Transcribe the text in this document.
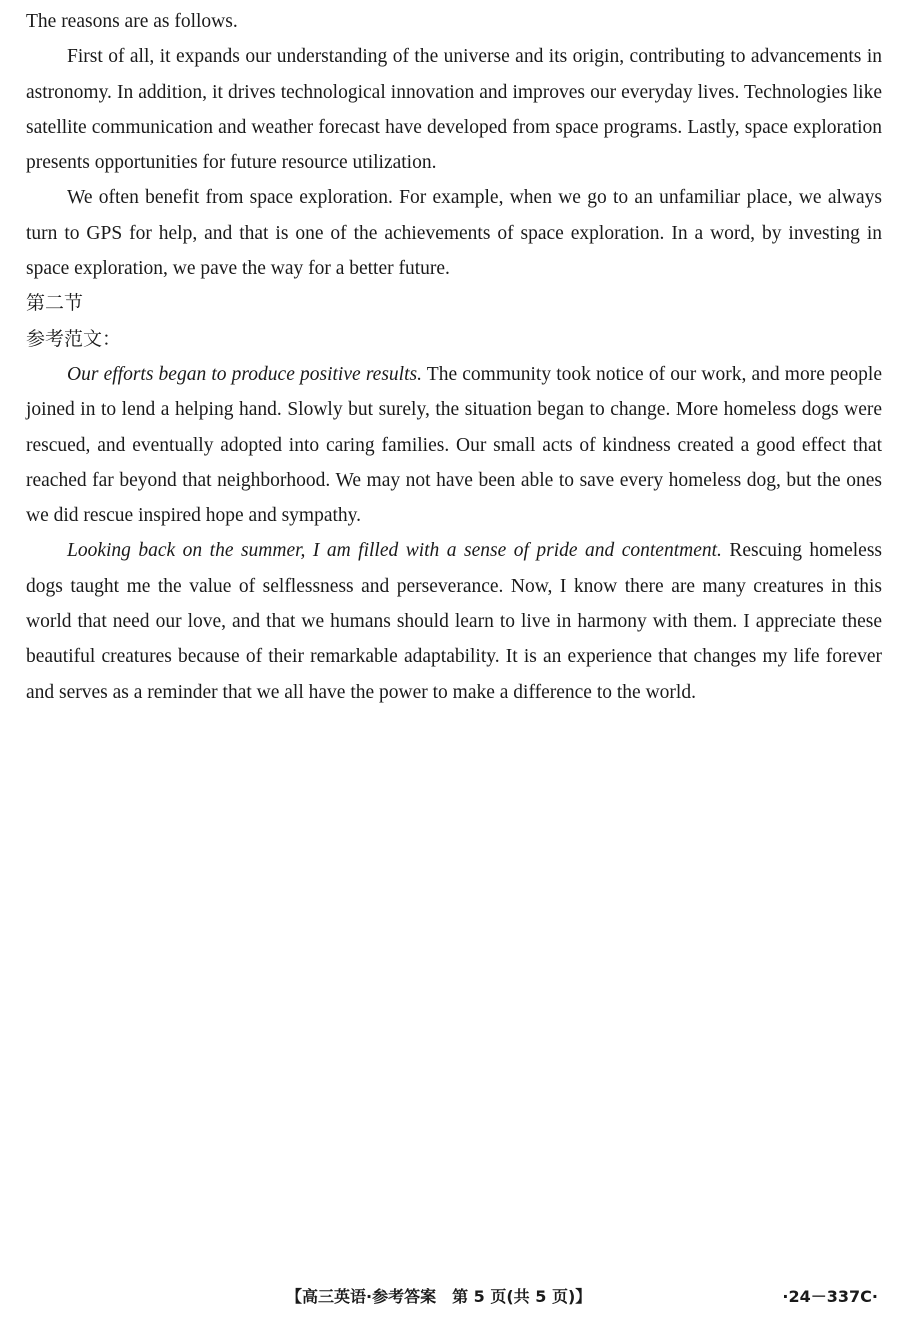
The reasons are as follows.

First of all, it expands our understanding of the universe and its origin, contributing to advancements in astronomy. In addition, it drives technological innovation and improves our everyday lives. Technologies like satellite communication and weather forecast have developed from space programs. Lastly, space exploration presents opportunities for future resource utilization.

We often benefit from space exploration. For example, when we go to an unfamiliar place, we always turn to GPS for help, and that is one of the achievements of space exploration. In a word, by investing in space exploration, we pave the way for a better future.

第二节

参考范文：

Our efforts began to produce positive results. The community took notice of our work, and more people joined in to lend a helping hand. Slowly but surely, the situation began to change. More homeless dogs were rescued, and eventually adopted into caring families. Our small acts of kindness created a good effect that reached far beyond that neighborhood. We may not have been able to save every homeless dog, but the ones we did rescue inspired hope and sympathy.

Looking back on the summer, I am filled with a sense of pride and contentment. Rescuing homeless dogs taught me the value of selflessness and perseverance. Now, I know there are many creatures in this world that need our love, and that we humans should learn to live in harmony with them. I appreciate these beautiful creatures because of their remarkable adaptability. It is an experience that changes my life forever and serves as a reminder that we all have the power to make a difference to the world.

【高三英语·参考答案　第 5 页(共 5 页)】	·24－337C·
